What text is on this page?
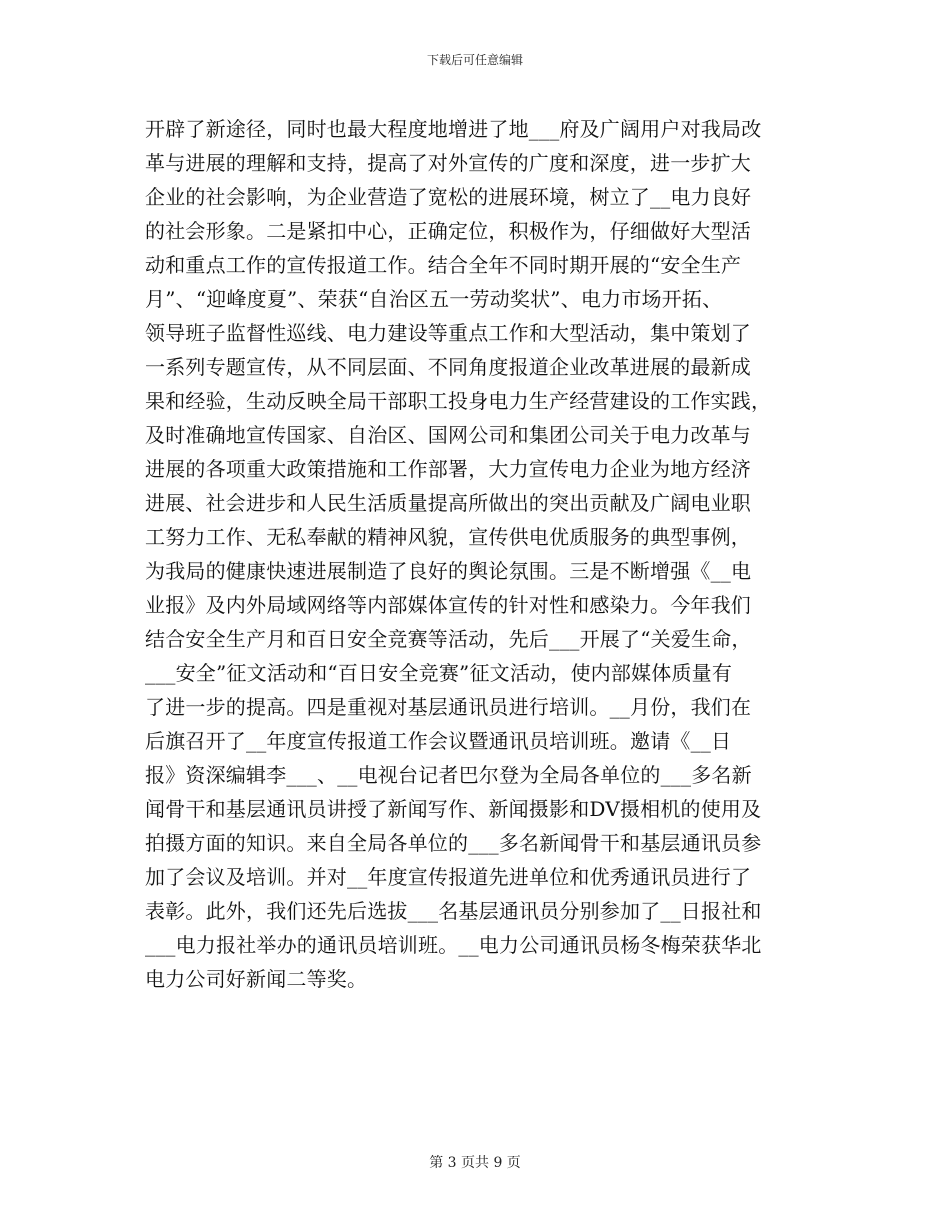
下载后可任意编辑
开辟了新途径，同时也最大程度地增进了地___府及广阔用户对我局改
革与进展的理解和支持，提高了对外宣传的广度和深度，进一步扩大
企业的社会影响，为企业营造了宽松的进展环境，树立了__电力良好
的社会形象。二是紧扣中心，正确定位，积极作为，仔细做好大型活
动和重点工作的宣传报道工作。结合全年不同时期开展的“安全生产
月”、“迎峰度夏”、荣获“自治区五一劳动奖状”、电力市场开拓、
领导班子监督性巡线、电力建设等重点工作和大型活动，集中策划了
一系列专题宣传，从不同层面、不同角度报道企业改革进展的最新成
果和经验，生动反映全局干部职工投身电力生产经营建设的工作实践，
及时准确地宣传国家、自治区、国网公司和集团公司关于电力改革与
进展的各项重大政策措施和工作部署，大力宣传电力企业为地方经济
进展、社会进步和人民生活质量提高所做出的突出贡献及广阔电业职
工努力工作、无私奉献的精神风貌，宣传供电优质服务的典型事例，
为我局的健康快速进展制造了良好的舆论氛围。三是不断增强《__电
业报》及内外局域网络等内部媒体宣传的针对性和感染力。今年我们
结合安全生产月和百日安全竞赛等活动，先后___开展了“关爱生命，
___安全”征文活动和“百日安全竞赛”征文活动，使内部媒体质量有
了进一步的提高。四是重视对基层通讯员进行培训。__月份，我们在
后旗召开了__年度宣传报道工作会议暨通讯员培训班。邀请《__日
报》资深编辑李___、__电视台记者巴尔登为全局各单位的___多名新
闻骨干和基层通讯员讲授了新闻写作、新闻摄影和DV摄相机的使用及
拍摄方面的知识。来自全局各单位的___多名新闻骨干和基层通讯员参
加了会议及培训。并对__年度宣传报道先进单位和优秀通讯员进行了
表彰。此外，我们还先后选拔___名基层通讯员分别参加了__日报社和
___电力报社举办的通讯员培训班。__电力公司通讯员杨冬梅荣获华北
电力公司好新闻二等奖。
第 3 页共 9 页
